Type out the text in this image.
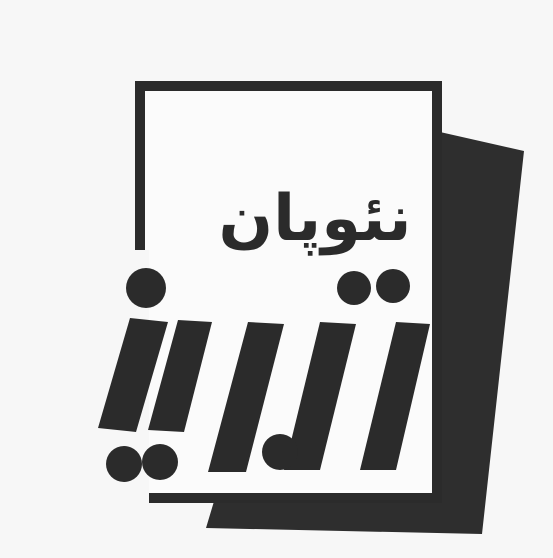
نئوپان
تبریز
